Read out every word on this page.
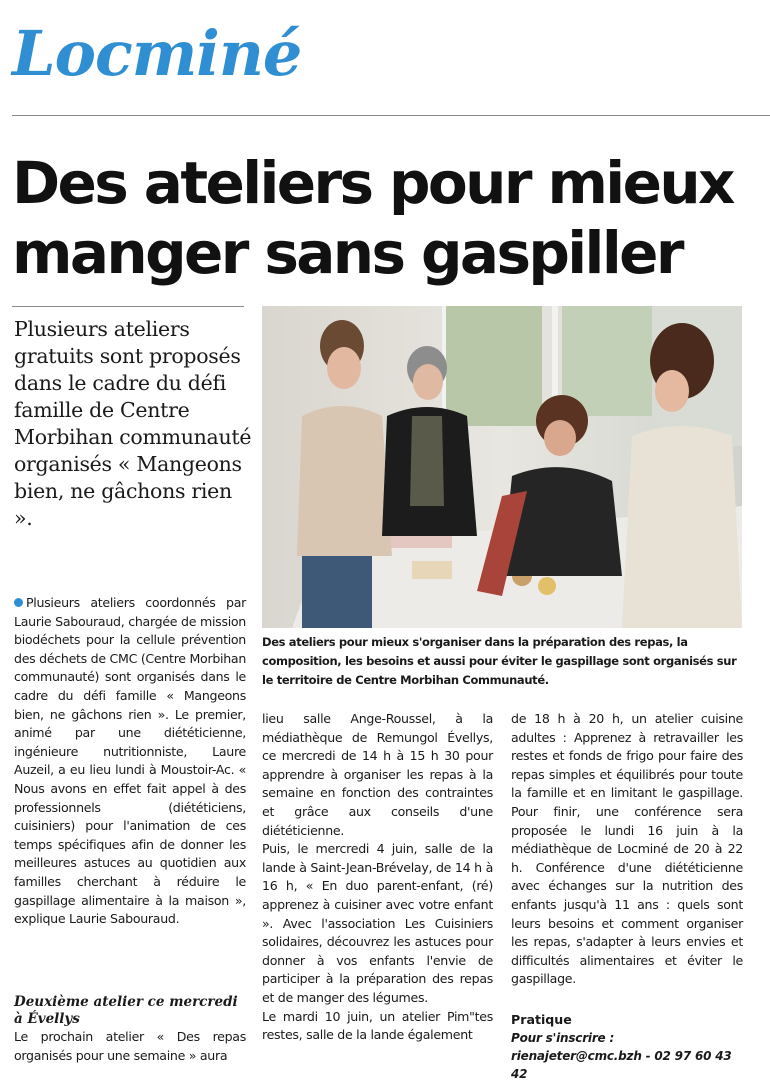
Locminé
Des ateliers pour mieux manger sans gaspiller
Plusieurs ateliers gratuits sont proposés dans le cadre du défi famille de Centre Morbihan communauté organisés « Mangeons bien, ne gâchons rien ».
Des ateliers pour mieux s'organiser dans la préparation des repas, la composition, les besoins et aussi pour éviter le gaspillage sont organisés sur le territoire de Centre Morbihan Communauté.

Plusieurs ateliers coordonnés par Laurie Sabouraud, chargée de mission biodéchets pour la cellule prévention des déchets de CMC (Centre Morbihan communauté) sont organisés dans le cadre du défi famille « Mangeons bien, ne gâchons rien ». Le premier, animé par une diététicienne, ingénieure nutritionniste, Laure Auzeil, a eu lieu lundi à Moustoir-Ac. « Nous avons en effet fait appel à des professionnels (diététiciens, cuisiniers) pour l'animation de ces temps spécifiques afin de donner les meilleures astuces au quotidien aux familles cherchant à réduire le gaspillage alimentaire à la maison », explique Laurie Sabouraud.

Deuxième atelier ce mercredi à Évellys

Le prochain atelier « Des repas organisés pour une semaine » aura

lieu salle Ange-Roussel, à la médiathèque de Remungol Évellys, ce mercredi de 14 h à 15 h 30 pour apprendre à organiser les repas à la semaine en fonction des contraintes et grâce aux conseils d'une diététicienne.

Puis, le mercredi 4 juin, salle de la lande à Saint-Jean-Brévelay, de 14 h à 16 h, « En duo parent-enfant, (ré) apprenez à cuisiner avec votre enfant ». Avec l'association Les Cuisiniers solidaires, découvrez les astuces pour donner à vos enfants l'envie de participer à la préparation des repas et de manger des légumes.

Le mardi 10 juin, un atelier Pim"tes restes, salle de la lande également

de 18 h à 20 h, un atelier cuisine adultes : Apprenez à retravailler les restes et fonds de frigo pour faire des repas simples et équilibrés pour toute la famille et en limitant le gaspillage. Pour finir, une conférence sera proposée le lundi 16 juin à la médiathèque de Locminé de 20 à 22 h. Conférence d'une diététicienne avec échanges sur la nutrition des enfants jusqu'à 11 ans : quels sont leurs besoins et comment organiser les repas, s'adapter à leurs envies et difficultés alimentaires et éviter le gaspillage.

Pratique
Pour s'inscrire : rienajeter@cmc.bzh - 02 97 60 43 42
